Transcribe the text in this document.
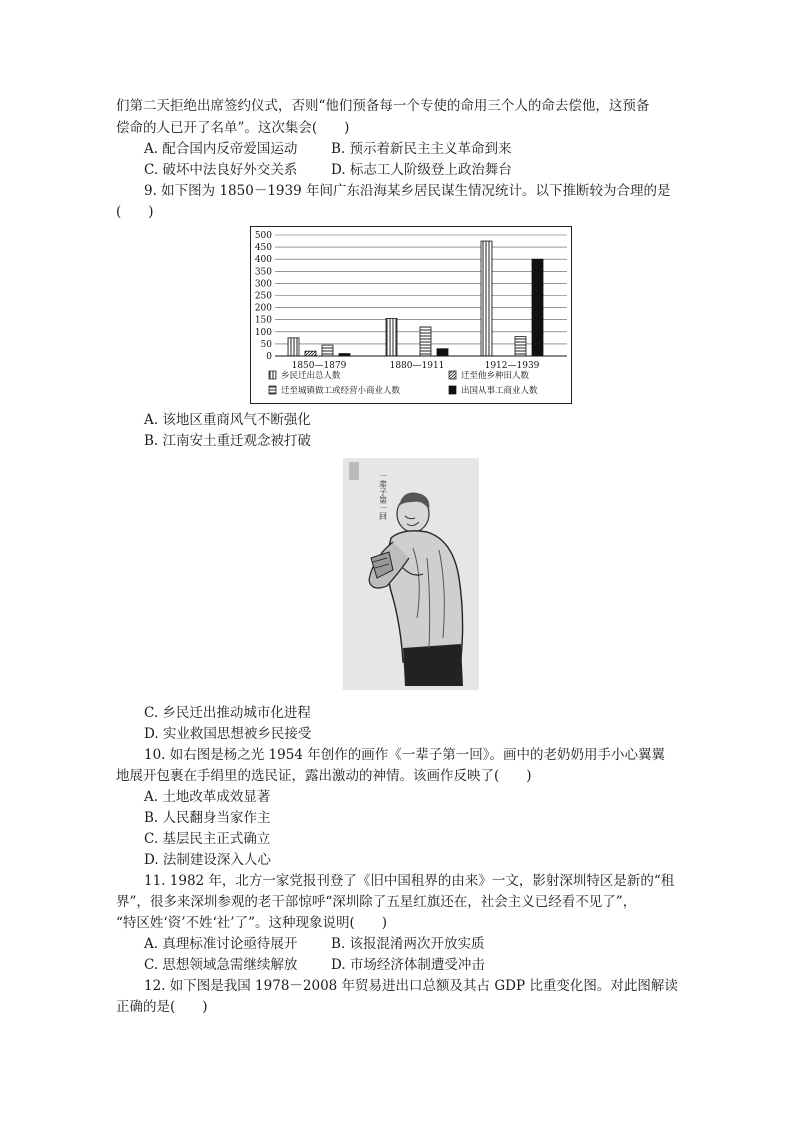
们第二天拒绝出席签约仪式，否则“他们预备每一个专使的命用三个人的命去偿他，这预备
偿命的人已开了名单”。这次集会(　　)
A. 配合国内反帝爱国运动 B. 预示着新民主主义革命到来
C. 破坏中法良好外交关系 D. 标志工人阶级登上政治舞台
9. 如下图为 1850－1939 年间广东沿海某乡居民谋生情况统计。以下推断较为合理的是
(　　)
0
50
100
150
200
250
300
350
400
450
500
1850—1879	1880—1911	1912—1939
乡民迁出总人数	迁至他乡种田人数
迁至城镇做工或经营小商业人数	出国从事工商业人数
A. 该地区重商风气不断强化
B. 江南安土重迁观念被打破
一辈子第一回
C. 乡民迁出推动城市化进程
D. 实业救国思想被乡民接受
10. 如右图是杨之光 1954 年创作的画作《一辈子第一回》。画中的老奶奶用手小心翼翼
地展开包裹在手绢里的选民证，露出激动的神情。该画作反映了(　　)
A. 土地改革成效显著
B. 人民翻身当家作主
C. 基层民主正式确立
D. 法制建设深入人心
11. 1982 年，北方一家党报刊登了《旧中国租界的由来》一文，影射深圳特区是新的“租
界”，很多来深圳参观的老干部惊呼“深圳除了五星红旗还在，社会主义已经看不见了”，
“特区姓‘资’不姓‘社’了”。这种现象说明(　　)
A. 真理标准讨论亟待展开 B. 该报混淆两次开放实质
C. 思想领域急需继续解放 D. 市场经济体制遭受冲击
12. 如下图是我国 1978－2008 年贸易进出口总额及其占 GDP 比重变化图。对此图解读
正确的是(　　)
